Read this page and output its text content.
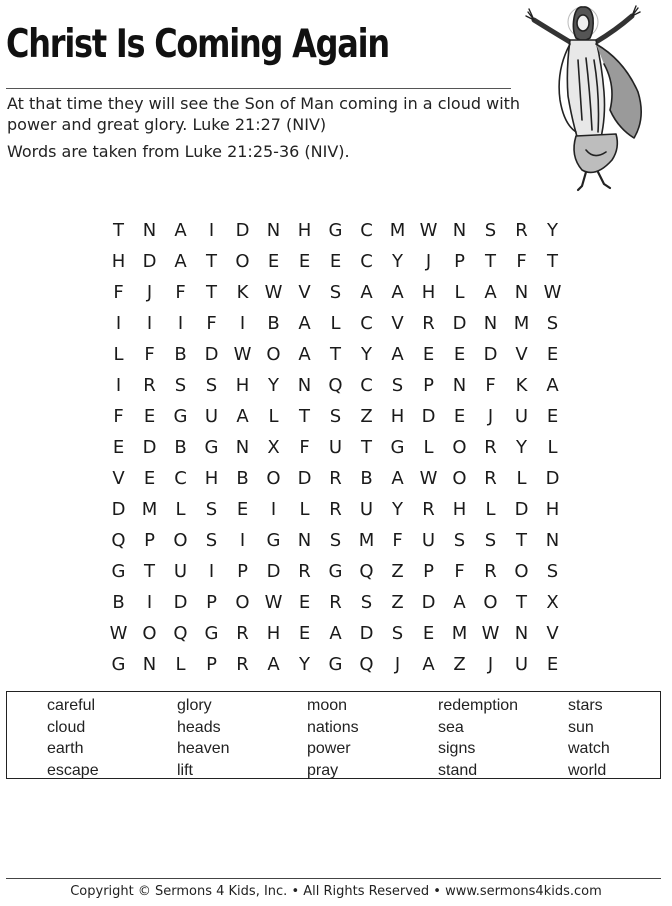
Christ Is Coming Again

At that time they will see the Son of Man coming in a cloud with power and great glory. Luke 21:27 (NIV)

Words are taken from Luke 21:25-36 (NIV).

T	N	A	I	D N H G C M W N	S	R	Y
H D A	T	O	E	E	E	C	Y	J	P	T	F	T
F	J	F	T	K W V	S	A	A	H	L	A	N W
I	I	I	F	I	B	A	L	C	V	R D N M S
L	F	B D W O A	T	Y	A	E	E	D V	E
I	R	S	S	H	Y	N Q C	S	P	N	F	K	A
F	E	G U	A	L	T	S	Z	H D	E	J	U	E
E	D B G N	X	F	U	T	G	L	O R	Y	L
V	E	C H	B O D R	B	A W O R	L	D
D M	L	S	E	I	L	R	U	Y	R H	L	D H
Q	P	O	S	I	G N	S M	F	U	S	S	T	N
G	T	U	I	P	D R G Q Z	P	F	R O	S
B	I	D	P	O W E	R	S	Z D A O	T	X
W O Q G R H	E	A D	S	E M W N	V
G N	L	P	R	A	Y	G Q	J	A	Z	J	U	E
careful
cloud
earth
escape
glory
heads
heaven
lift
moon
nations
power
pray
redemption
sea
signs
stand
stars
sun
watch
world
Copyright © Sermons 4 Kids, Inc. • All Rights Reserved • www.sermons4kids.com
